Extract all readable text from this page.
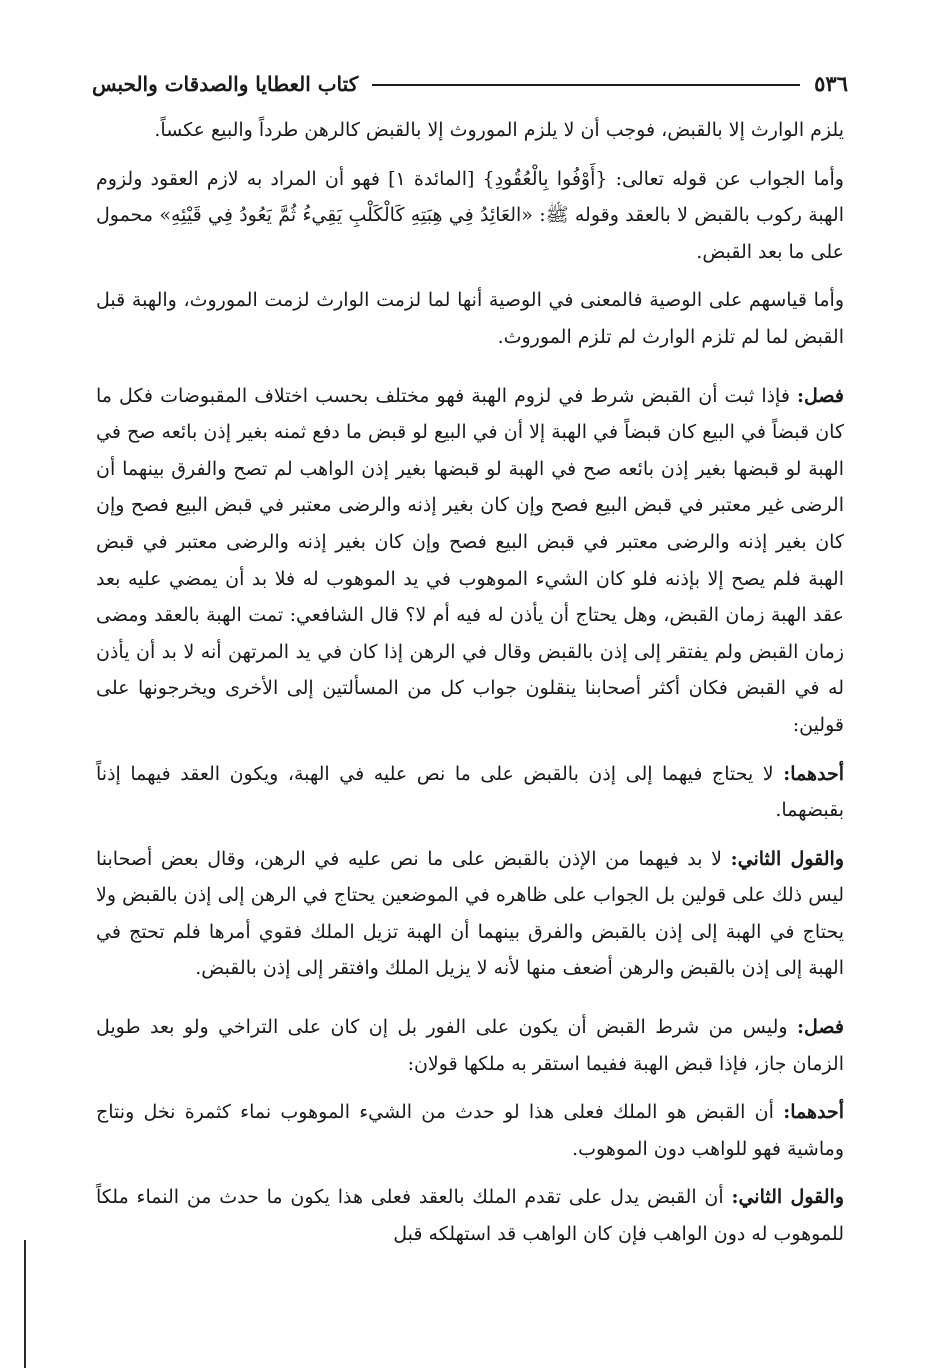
٥٣٦
كتاب العطايا والصدقات والحبس

يلزم الوارث إلا بالقبض، فوجب أن لا يلزم الموروث إلا بالقبض كالرهن طرداً والبيع عكساً.

وأما الجواب عن قوله تعالى: {أَوْفُوا بِالْعُقُودِ} [المائدة ١] فهو أن المراد به لازم العقود ولزوم الهبة ركوب بالقبض لا بالعقد وقوله ﷺ: «العَائِدُ فِي هِبَتِهِ كَالْكَلْبِ يَقِيءُ ثُمَّ يَعُودُ فِي قَيْئِهِ» محمول على ما بعد القبض.

وأما قياسهم على الوصية فالمعنى في الوصية أنها لما لزمت الوارث لزمت الموروث، والهبة قبل القبض لما لم تلزم الوارث لم تلزم الموروث.

فصل: فإذا ثبت أن القبض شرط في لزوم الهبة فهو مختلف بحسب اختلاف المقبوضات فكل ما كان قبضاً في البيع كان قبضاً في الهبة إلا أن في البيع لو قبض ما دفع ثمنه بغير إذن بائعه صح في الهبة لو قبضها بغير إذن بائعه صح في الهبة لو قبضها بغير إذن الواهب لم تصح والفرق بينهما أن الرضى غير معتبر في قبض البيع فصح وإن كان بغير إذنه والرضى معتبر في قبض البيع فصح وإن كان بغير إذنه والرضى معتبر في قبض البيع فصح وإن كان بغير إذنه والرضى معتبر في قبض الهبة فلم يصح إلا بإذنه فلو كان الشيء الموهوب في يد الموهوب له فلا بد أن يمضي عليه بعد عقد الهبة زمان القبض، وهل يحتاج أن يأذن له فيه أم لا؟ قال الشافعي: تمت الهبة بالعقد ومضى زمان القبض ولم يفتقر إلى إذن بالقبض وقال في الرهن إذا كان في يد المرتهن أنه لا بد أن يأذن له في القبض فكان أكثر أصحابنا ينقلون جواب كل من المسألتين إلى الأخرى ويخرجونها على قولين:

أحدهما: لا يحتاج فيهما إلى إذن بالقبض على ما نص عليه في الهبة، ويكون العقد فيهما إذناً بقبضهما.

والقول الثاني: لا بد فيهما من الإذن بالقبض على ما نص عليه في الرهن، وقال بعض أصحابنا ليس ذلك على قولين بل الجواب على ظاهره في الموضعين يحتاج في الرهن إلى إذن بالقبض ولا يحتاج في الهبة إلى إذن بالقبض والفرق بينهما أن الهبة تزيل الملك فقوي أمرها فلم تحتج في الهبة إلى إذن بالقبض والرهن أضعف منها لأنه لا يزيل الملك وافتقر إلى إذن بالقبض.

فصل: وليس من شرط القبض أن يكون على الفور بل إن كان على التراخي ولو بعد طويل الزمان جاز، فإذا قبض الهبة ففيما استقر به ملكها قولان:

أحدهما: أن القبض هو الملك فعلى هذا لو حدث من الشيء الموهوب نماء كثمرة نخل ونتاج وماشية فهو للواهب دون الموهوب.

والقول الثاني: أن القبض يدل على تقدم الملك بالعقد فعلى هذا يكون ما حدث من النماء ملكاً للموهوب له دون الواهب فإن كان الواهب قد استهلكه قبل
